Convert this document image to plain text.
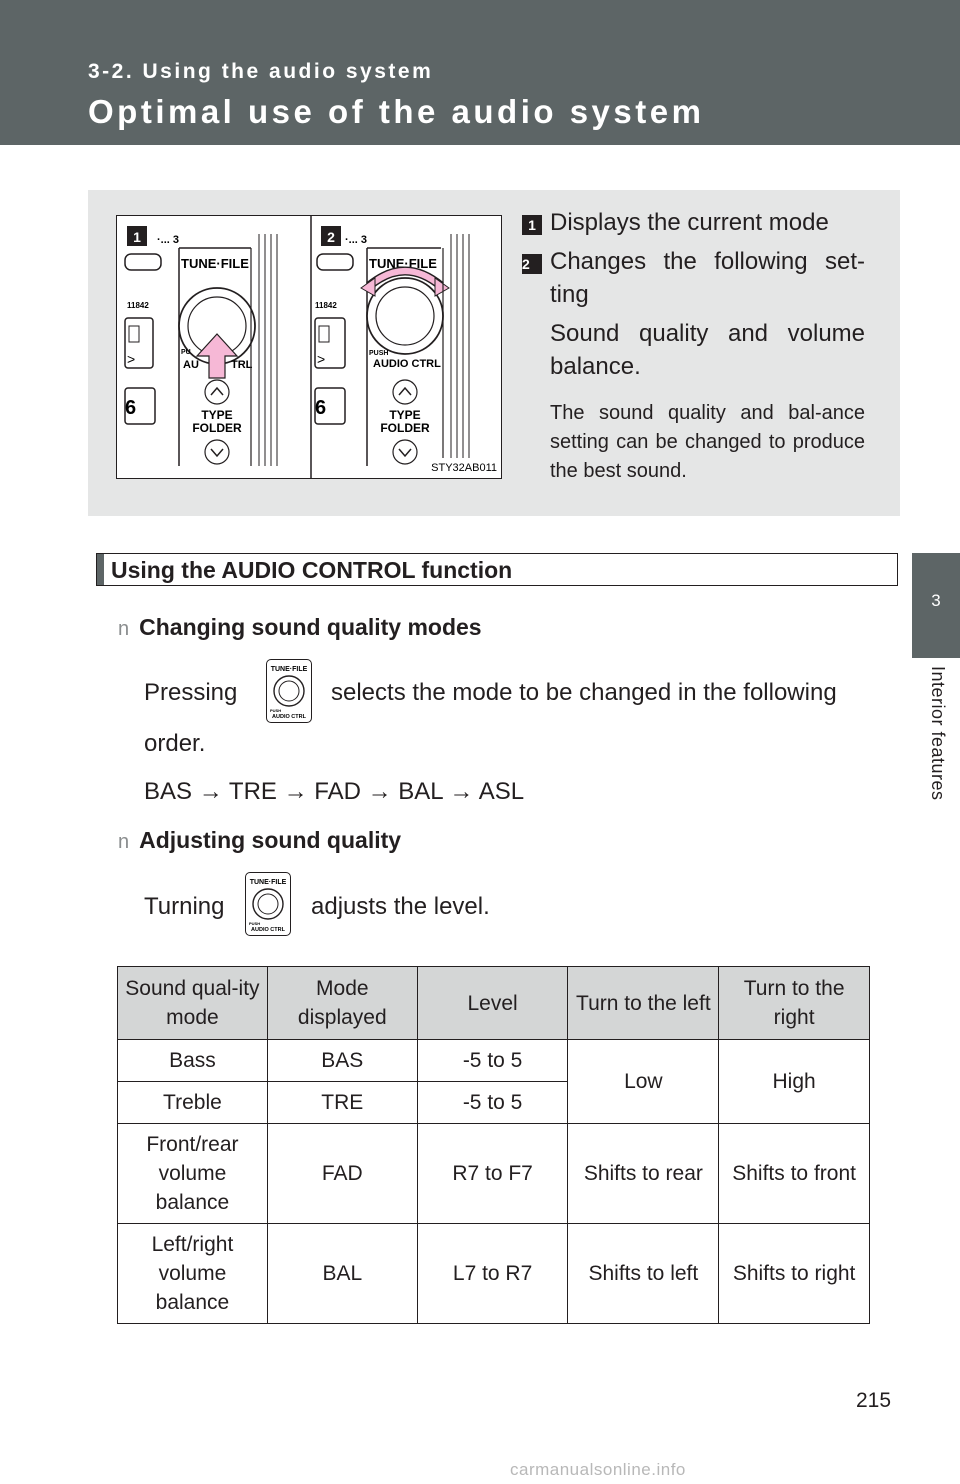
3-2. Using the audio system
Optimal use of the audio system
3
Interior features
1 ·... 3
11842
>
6
TUNE·FILE
PU
AU	TRL
TYPE
FOLDER
2 ·... 3
11842
>
6
TUNE·FILE
PUSH
AUDIO CTRL
TYPE
FOLDER
STY32AB011
1 Displays the current mode
2 Changes the following set-ting
Sound quality and volume balance.
The sound quality and bal-ance setting can be changed to produce the best sound.
Using the AUDIO CONTROL function
n Changing sound quality modes
Pressing
TUNE·FILE
PUSH
AUDIO CTRL
selects the mode to be changed in the following
order.
BAS → TRE → FAD → BAL → ASL
n Adjusting sound quality
Turning
TUNE·FILE
PUSH
AUDIO CTRL
adjusts the level.
Sound qual-ity mode	Mode displayed	Level	Turn to the left	Turn to the right
Bass	BAS	-5 to 5	Low	High
Treble	TRE	-5 to 5		
Front/rear volume balance	FAD	R7 to F7	Shifts to rear	Shifts to front
Left/right volume balance	BAL	L7 to R7	Shifts to left	Shifts to right
215
carmanualsonline.info
